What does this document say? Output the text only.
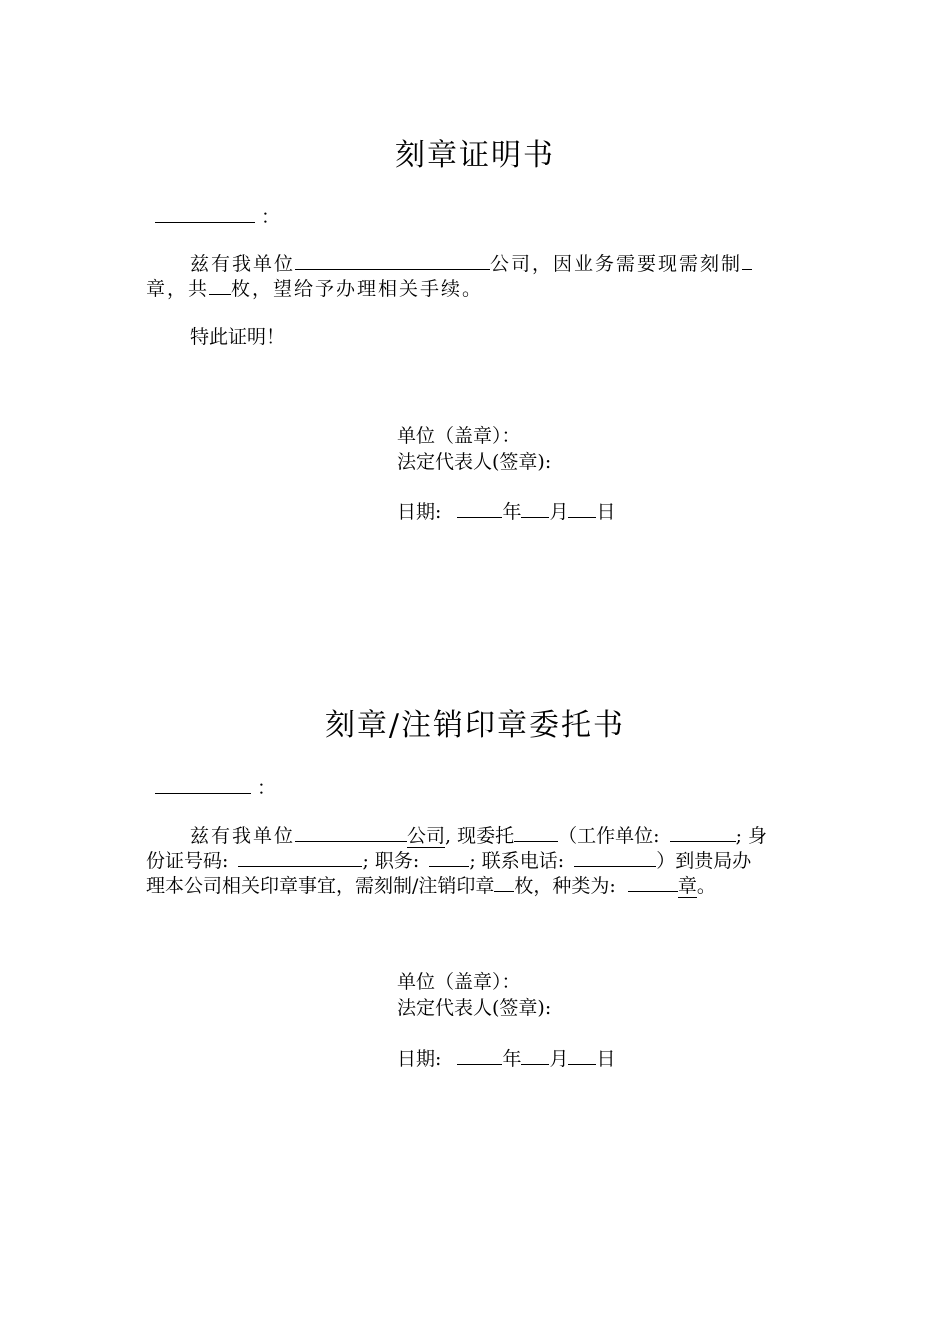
刻章证明书
：
兹有我单位	公司，因业务需要现需刻制
章，共 枚，望给予办理相关手续。
特此证明！
单位（盖章）：
法定代表人(签章):
日期:	年 月 日
刻章/注销印章委托书
：
兹有我单位	公司, 现委托 （工作单位:	; 身
份证号码:	; 职务:	; 联系电话:	）到贵局办
理本公司相关印章事宜，需刻制/注销印章 枚，种类为:	章。
单位（盖章）：
法定代表人(签章):
日期:	年 月 日
